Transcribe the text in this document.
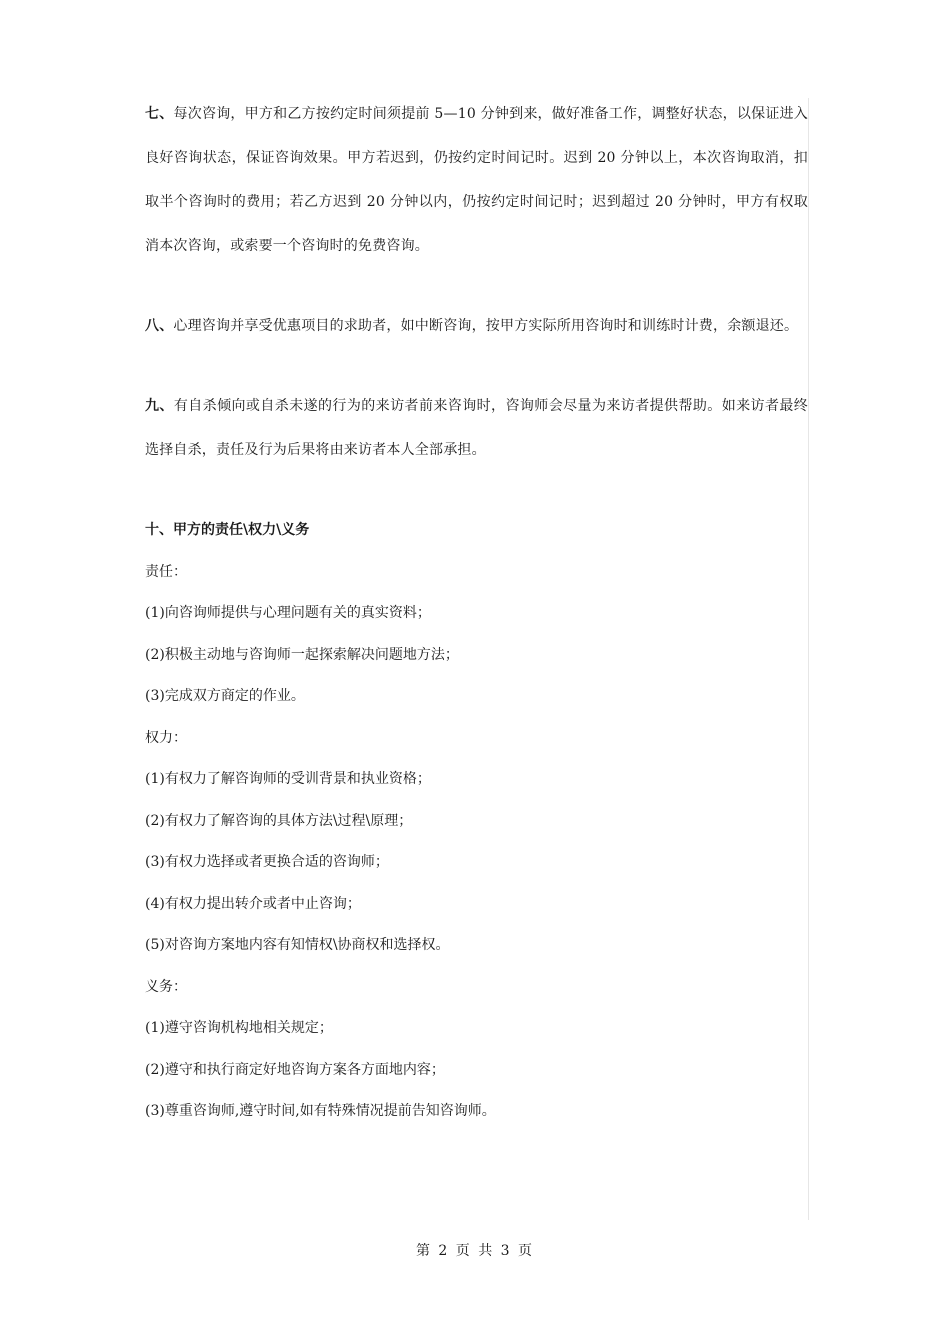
七、每次咨询，甲方和乙方按约定时间须提前 5—10 分钟到来，做好准备工作，调整好状态，以保证进入良好咨询状态，保证咨询效果。甲方若迟到，仍按约定时间记时。迟到 20 分钟以上，本次咨询取消，扣取半个咨询时的费用；若乙方迟到 20 分钟以内，仍按约定时间记时；迟到超过 20 分钟时，甲方有权取消本次咨询，或索要一个咨询时的免费咨询。

八、心理咨询并享受优惠项目的求助者，如中断咨询，按甲方实际所用咨询时和训练时计费，余额退还。

九、有自杀倾向或自杀未遂的行为的来访者前来咨询时，咨询师会尽量为来访者提供帮助。如来访者最终选择自杀，责任及行为后果将由来访者本人全部承担。

十、甲方的责任\权力\义务

责任：

(1)向咨询师提供与心理问题有关的真实资料；

(2)积极主动地与咨询师一起探索解决问题地方法；

(3)完成双方商定的作业。

权力：

(1)有权力了解咨询师的受训背景和执业资格；

(2)有权力了解咨询的具体方法\过程\原理；

(3)有权力选择或者更换合适的咨询师；

(4)有权力提出转介或者中止咨询；

(5)对咨询方案地内容有知情权\协商权和选择权。

义务：

(1)遵守咨询机构地相关规定；

(2)遵守和执行商定好地咨询方案各方面地内容；

(3)尊重咨询师,遵守时间,如有特殊情况提前告知咨询师。

第 2 页 共 3 页
